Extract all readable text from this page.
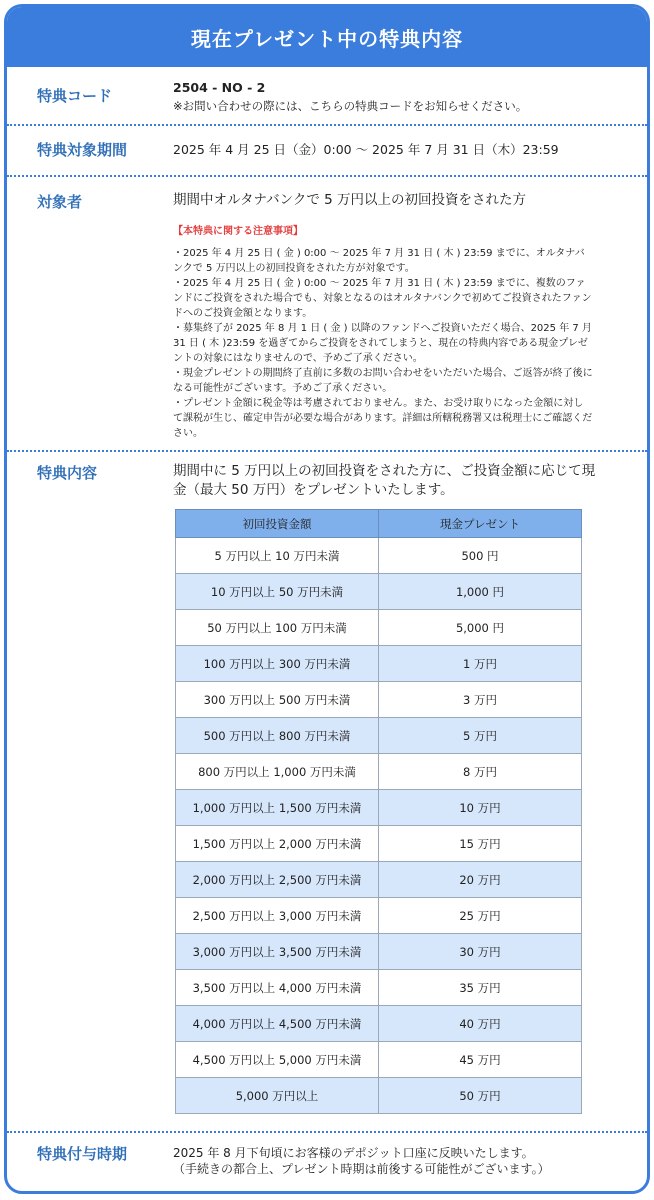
現在プレゼント中の特典内容
特典コード	2504 - NO - 2
※お問い合わせの際には、こちらの特典コードをお知らせください。
特典対象期間	2025 年 4 月 25 日（金）0:00 〜 2025 年 7 月 31 日（木）23:59
対象者	期間中オルタナバンクで 5 万円以上の初回投資をされた方
【本特典に関する注意事項】

・2025 年 4 月 25 日 ( 金 ) 0:00 〜 2025 年 7 月 31 日 ( 木 ) 23:59 までに、オルタナバンクで 5 万円以上の初回投資をされた方が対象です。

・2025 年 4 月 25 日 ( 金 ) 0:00 〜 2025 年 7 月 31 日 ( 木 ) 23:59 までに、複数のファンドにご投資をされた場合でも、対象となるのはオルタナバンクで初めてご投資されたファンドへのご投資金額となります。

・募集終了が 2025 年 8 月 1 日 ( 金 ) 以降のファンドへご投資いただく場合、2025 年 7 月 31 日 ( 木 )23:59 を過ぎてからご投資をされてしまうと、現在の特典内容である現金プレゼントの対象にはなりませんので、予めご了承ください。

・現金プレゼントの期間終了直前に多数のお問い合わせをいただいた場合、ご返答が終了後になる可能性がございます。予めご了承ください。

・プレゼント金額に税金等は考慮されておりません。また、お受け取りになった金額に対して課税が生じ、確定申告が必要な場合があります。詳細は所轄税務署又は税理士にご確認ください。

特典内容	期間中に 5 万円以上の初回投資をされた方に、ご投資金額に応じて現金（最大 50 万円）をプレゼントいたします。
初回投資金額	現金プレゼント
5 万円以上 10 万円未満	500 円
10 万円以上 50 万円未満	1,000 円
50 万円以上 100 万円未満	5,000 円
100 万円以上 300 万円未満	1 万円
300 万円以上 500 万円未満	3 万円
500 万円以上 800 万円未満	5 万円
800 万円以上 1,000 万円未満	8 万円
1,000 万円以上 1,500 万円未満	10 万円
1,500 万円以上 2,000 万円未満	15 万円
2,000 万円以上 2,500 万円未満	20 万円
2,500 万円以上 3,000 万円未満	25 万円
3,000 万円以上 3,500 万円未満	30 万円
3,500 万円以上 4,000 万円未満	35 万円
4,000 万円以上 4,500 万円未満	40 万円
4,500 万円以上 5,000 万円未満	45 万円
5,000 万円以上	50 万円
特典付与時期	2025 年 8 月下旬頃にお客様のデポジット口座に反映いたします。
（手続きの都合上、プレゼント時期は前後する可能性がございます。）
